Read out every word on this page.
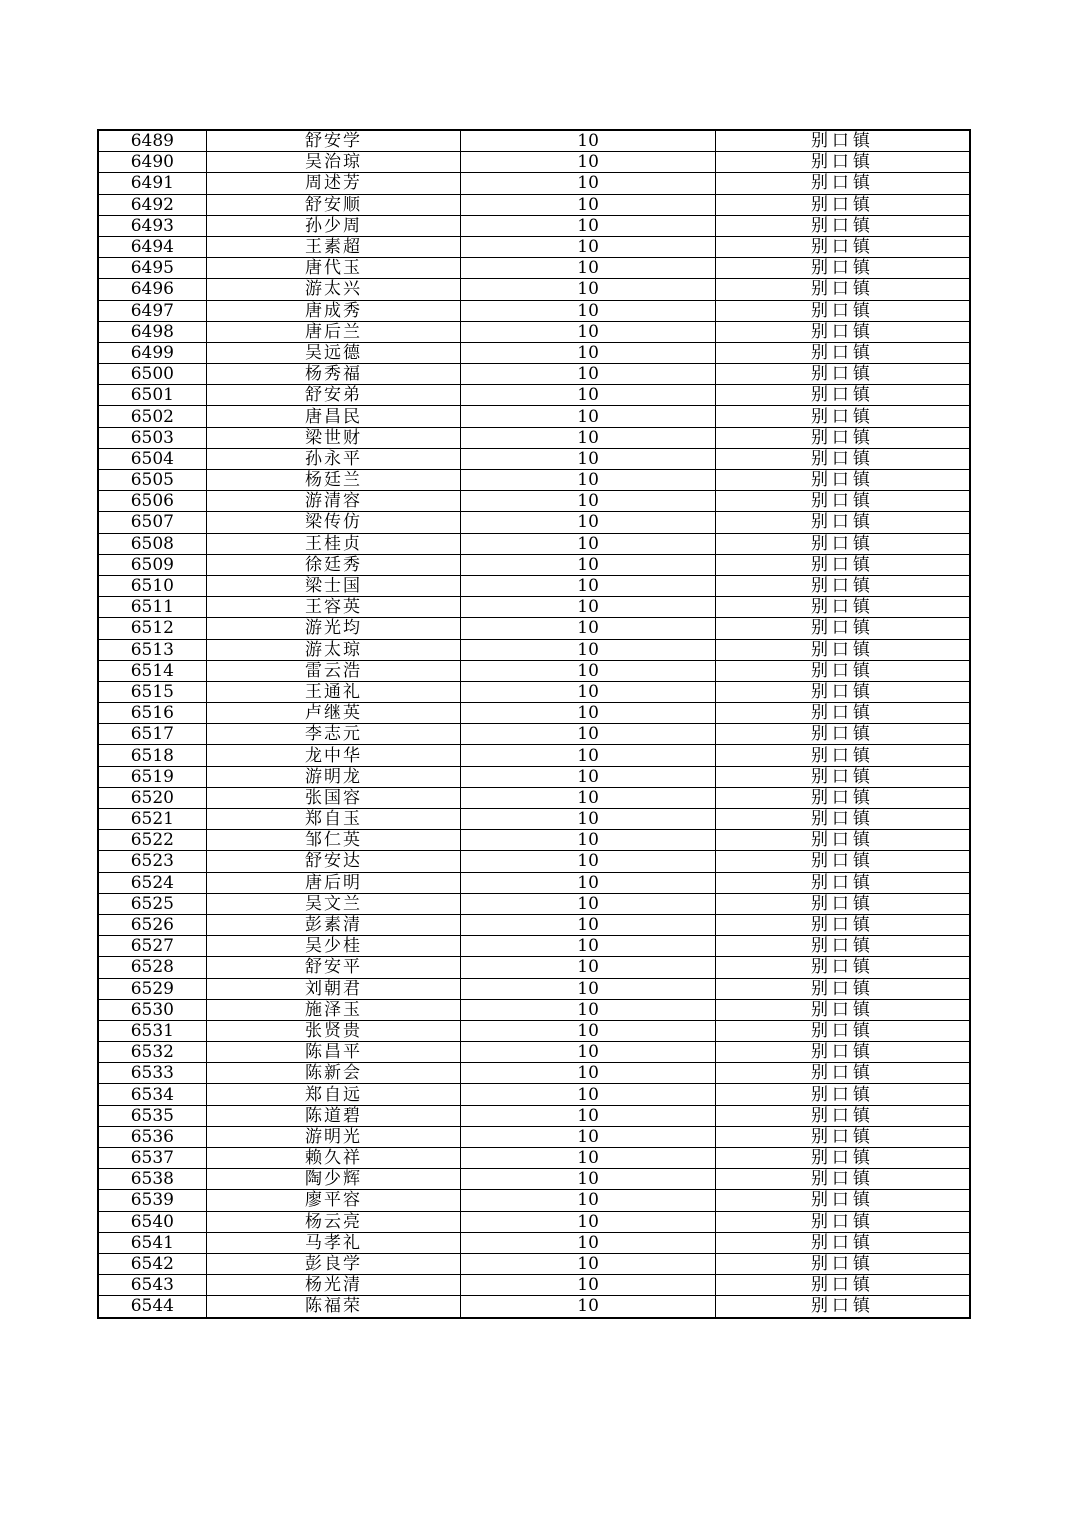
6489	舒安学	10	别口镇
6490	吴治琼	10	别口镇
6491	周述芳	10	别口镇
6492	舒安顺	10	别口镇
6493	孙少周	10	别口镇
6494	王素超	10	别口镇
6495	唐代玉	10	别口镇
6496	游太兴	10	别口镇
6497	唐成秀	10	别口镇
6498	唐后兰	10	别口镇
6499	吴远德	10	别口镇
6500	杨秀福	10	别口镇
6501	舒安弟	10	别口镇
6502	唐昌民	10	别口镇
6503	梁世财	10	别口镇
6504	孙永平	10	别口镇
6505	杨廷兰	10	别口镇
6506	游清容	10	别口镇
6507	梁传仿	10	别口镇
6508	王桂贞	10	别口镇
6509	徐廷秀	10	别口镇
6510	梁士国	10	别口镇
6511	王容英	10	别口镇
6512	游光均	10	别口镇
6513	游太琼	10	别口镇
6514	雷云浩	10	别口镇
6515	王通礼	10	别口镇
6516	卢继英	10	别口镇
6517	李志元	10	别口镇
6518	龙中华	10	别口镇
6519	游明龙	10	别口镇
6520	张国容	10	别口镇
6521	郑自玉	10	别口镇
6522	邹仁英	10	别口镇
6523	舒安达	10	别口镇
6524	唐后明	10	别口镇
6525	吴文兰	10	别口镇
6526	彭素清	10	别口镇
6527	吴少桂	10	别口镇
6528	舒安平	10	别口镇
6529	刘朝君	10	别口镇
6530	施泽玉	10	别口镇
6531	张贤贵	10	别口镇
6532	陈昌平	10	别口镇
6533	陈新会	10	别口镇
6534	郑自远	10	别口镇
6535	陈道碧	10	别口镇
6536	游明光	10	别口镇
6537	赖久祥	10	别口镇
6538	陶少辉	10	别口镇
6539	廖平容	10	别口镇
6540	杨云亮	10	别口镇
6541	马孝礼	10	别口镇
6542	彭良学	10	别口镇
6543	杨光清	10	别口镇
6544	陈福荣	10	别口镇
